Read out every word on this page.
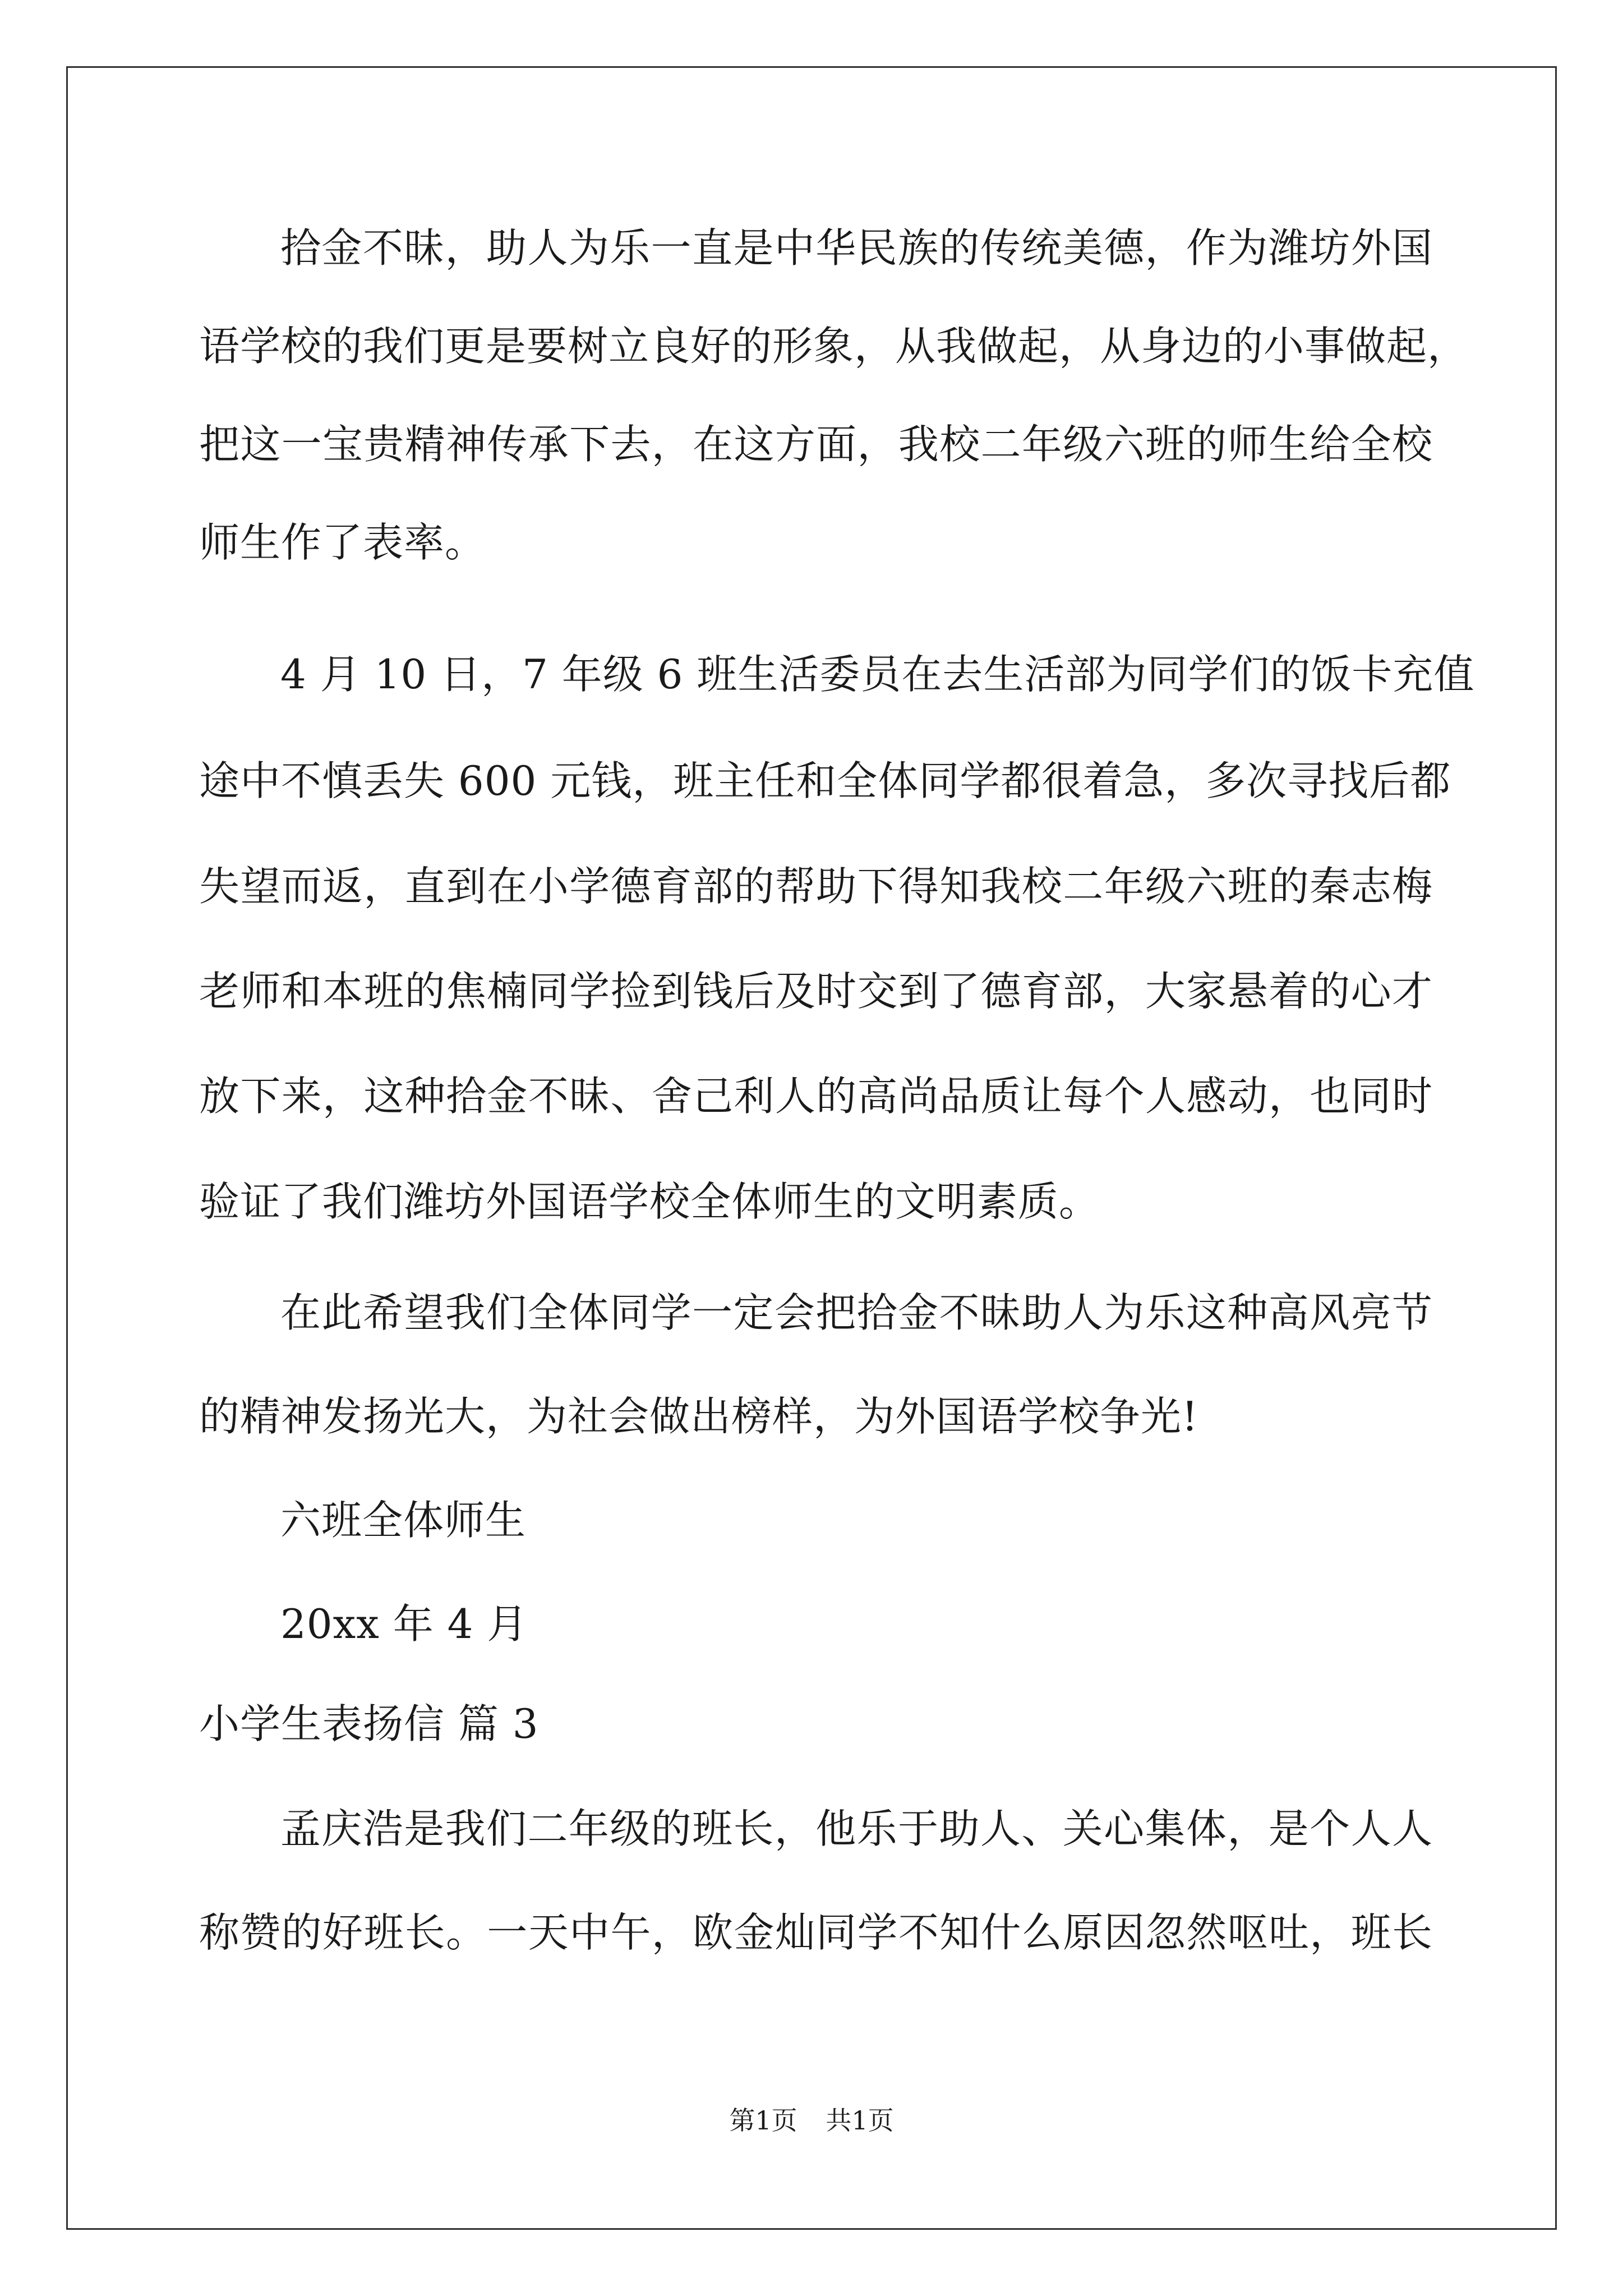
拾金不昧，助人为乐一直是中华民族的传统美德，作为潍坊外国
语学校的我们更是要树立良好的形象，从我做起，从身边的小事做起，
把这一宝贵精神传承下去，在这方面，我校二年级六班的师生给全校
师生作了表率。
4 月 10 日，7 年级 6 班生活委员在去生活部为同学们的饭卡充值
途中不慎丢失 600 元钱，班主任和全体同学都很着急，多次寻找后都
失望而返，直到在小学德育部的帮助下得知我校二年级六班的秦志梅
老师和本班的焦楠同学捡到钱后及时交到了德育部，大家悬着的心才
放下来，这种拾金不昧、舍己利人的高尚品质让每个人感动，也同时
验证了我们潍坊外国语学校全体师生的文明素质。
在此希望我们全体同学一定会把拾金不昧助人为乐这种高风亮节
的精神发扬光大，为社会做出榜样，为外国语学校争光!
六班全体师生
20xx 年 4 月
小学生表扬信 篇 3
孟庆浩是我们二年级的班长，他乐于助人、关心集体，是个人人
称赞的好班长。一天中午，欧金灿同学不知什么原因忽然呕吐，班长
第1页 共1页
